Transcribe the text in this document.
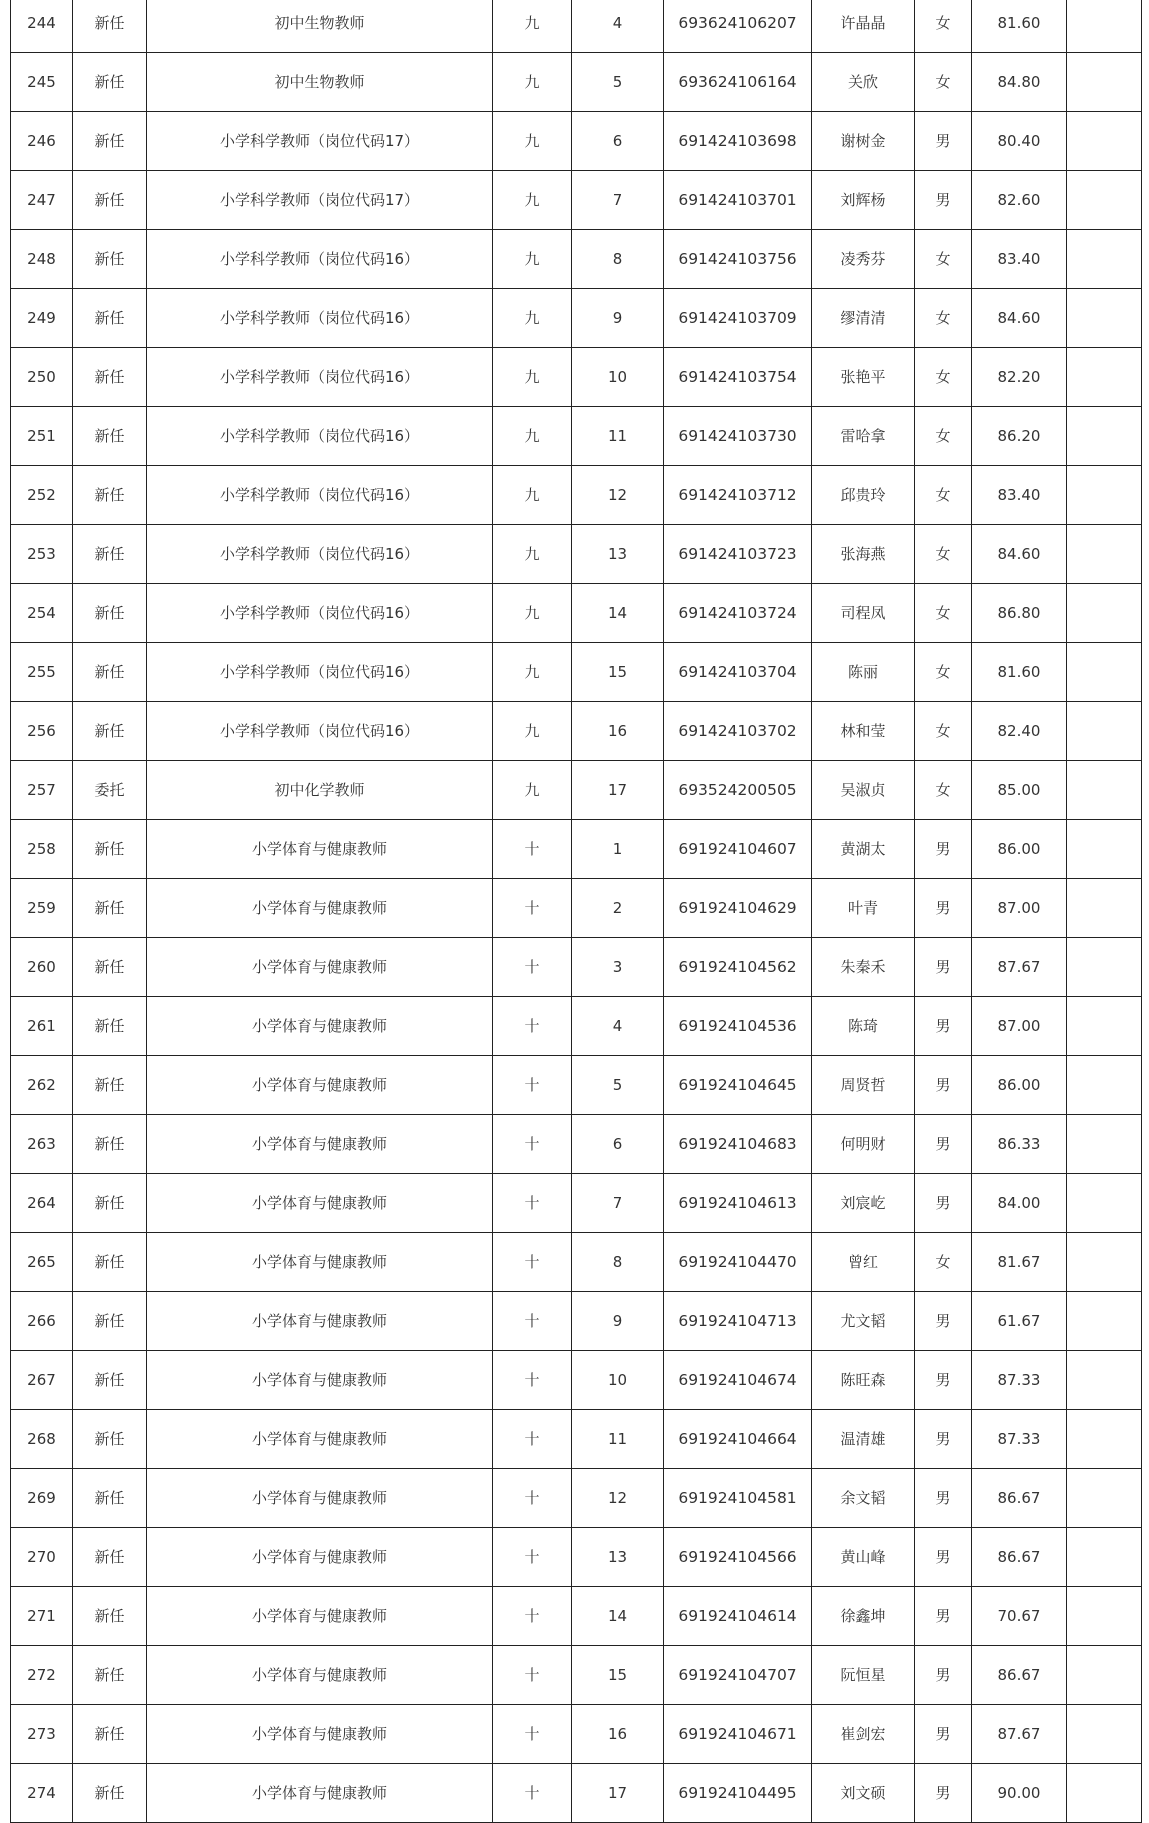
244	新任	初中生物教师	九	4	693624106207	许晶晶	女	81.60	
245	新任	初中生物教师	九	5	693624106164	关欣	女	84.80	
246	新任	小学科学教师（岗位代码17）	九	6	691424103698	谢树金	男	80.40	
247	新任	小学科学教师（岗位代码17）	九	7	691424103701	刘辉杨	男	82.60	
248	新任	小学科学教师（岗位代码16）	九	8	691424103756	凌秀芬	女	83.40	
249	新任	小学科学教师（岗位代码16）	九	9	691424103709	缪清清	女	84.60	
250	新任	小学科学教师（岗位代码16）	九	10	691424103754	张艳平	女	82.20	
251	新任	小学科学教师（岗位代码16）	九	11	691424103730	雷哈拿	女	86.20	
252	新任	小学科学教师（岗位代码16）	九	12	691424103712	邱贵玲	女	83.40	
253	新任	小学科学教师（岗位代码16）	九	13	691424103723	张海燕	女	84.60	
254	新任	小学科学教师（岗位代码16）	九	14	691424103724	司程凤	女	86.80	
255	新任	小学科学教师（岗位代码16）	九	15	691424103704	陈丽	女	81.60	
256	新任	小学科学教师（岗位代码16）	九	16	691424103702	林和莹	女	82.40	
257	委托	初中化学教师	九	17	693524200505	吴淑贞	女	85.00	
258	新任	小学体育与健康教师	十	1	691924104607	黄湖太	男	86.00	
259	新任	小学体育与健康教师	十	2	691924104629	叶青	男	87.00	
260	新任	小学体育与健康教师	十	3	691924104562	朱秦禾	男	87.67	
261	新任	小学体育与健康教师	十	4	691924104536	陈琦	男	87.00	
262	新任	小学体育与健康教师	十	5	691924104645	周贤哲	男	86.00	
263	新任	小学体育与健康教师	十	6	691924104683	何明财	男	86.33	
264	新任	小学体育与健康教师	十	7	691924104613	刘宸屹	男	84.00	
265	新任	小学体育与健康教师	十	8	691924104470	曾红	女	81.67	
266	新任	小学体育与健康教师	十	9	691924104713	尤文韬	男	61.67	
267	新任	小学体育与健康教师	十	10	691924104674	陈旺森	男	87.33	
268	新任	小学体育与健康教师	十	11	691924104664	温清雄	男	87.33	
269	新任	小学体育与健康教师	十	12	691924104581	余文韬	男	86.67	
270	新任	小学体育与健康教师	十	13	691924104566	黄山峰	男	86.67	
271	新任	小学体育与健康教师	十	14	691924104614	徐鑫坤	男	70.67	
272	新任	小学体育与健康教师	十	15	691924104707	阮恒星	男	86.67	
273	新任	小学体育与健康教师	十	16	691924104671	崔剑宏	男	87.67	
274	新任	小学体育与健康教师	十	17	691924104495	刘文硕	男	90.00	
